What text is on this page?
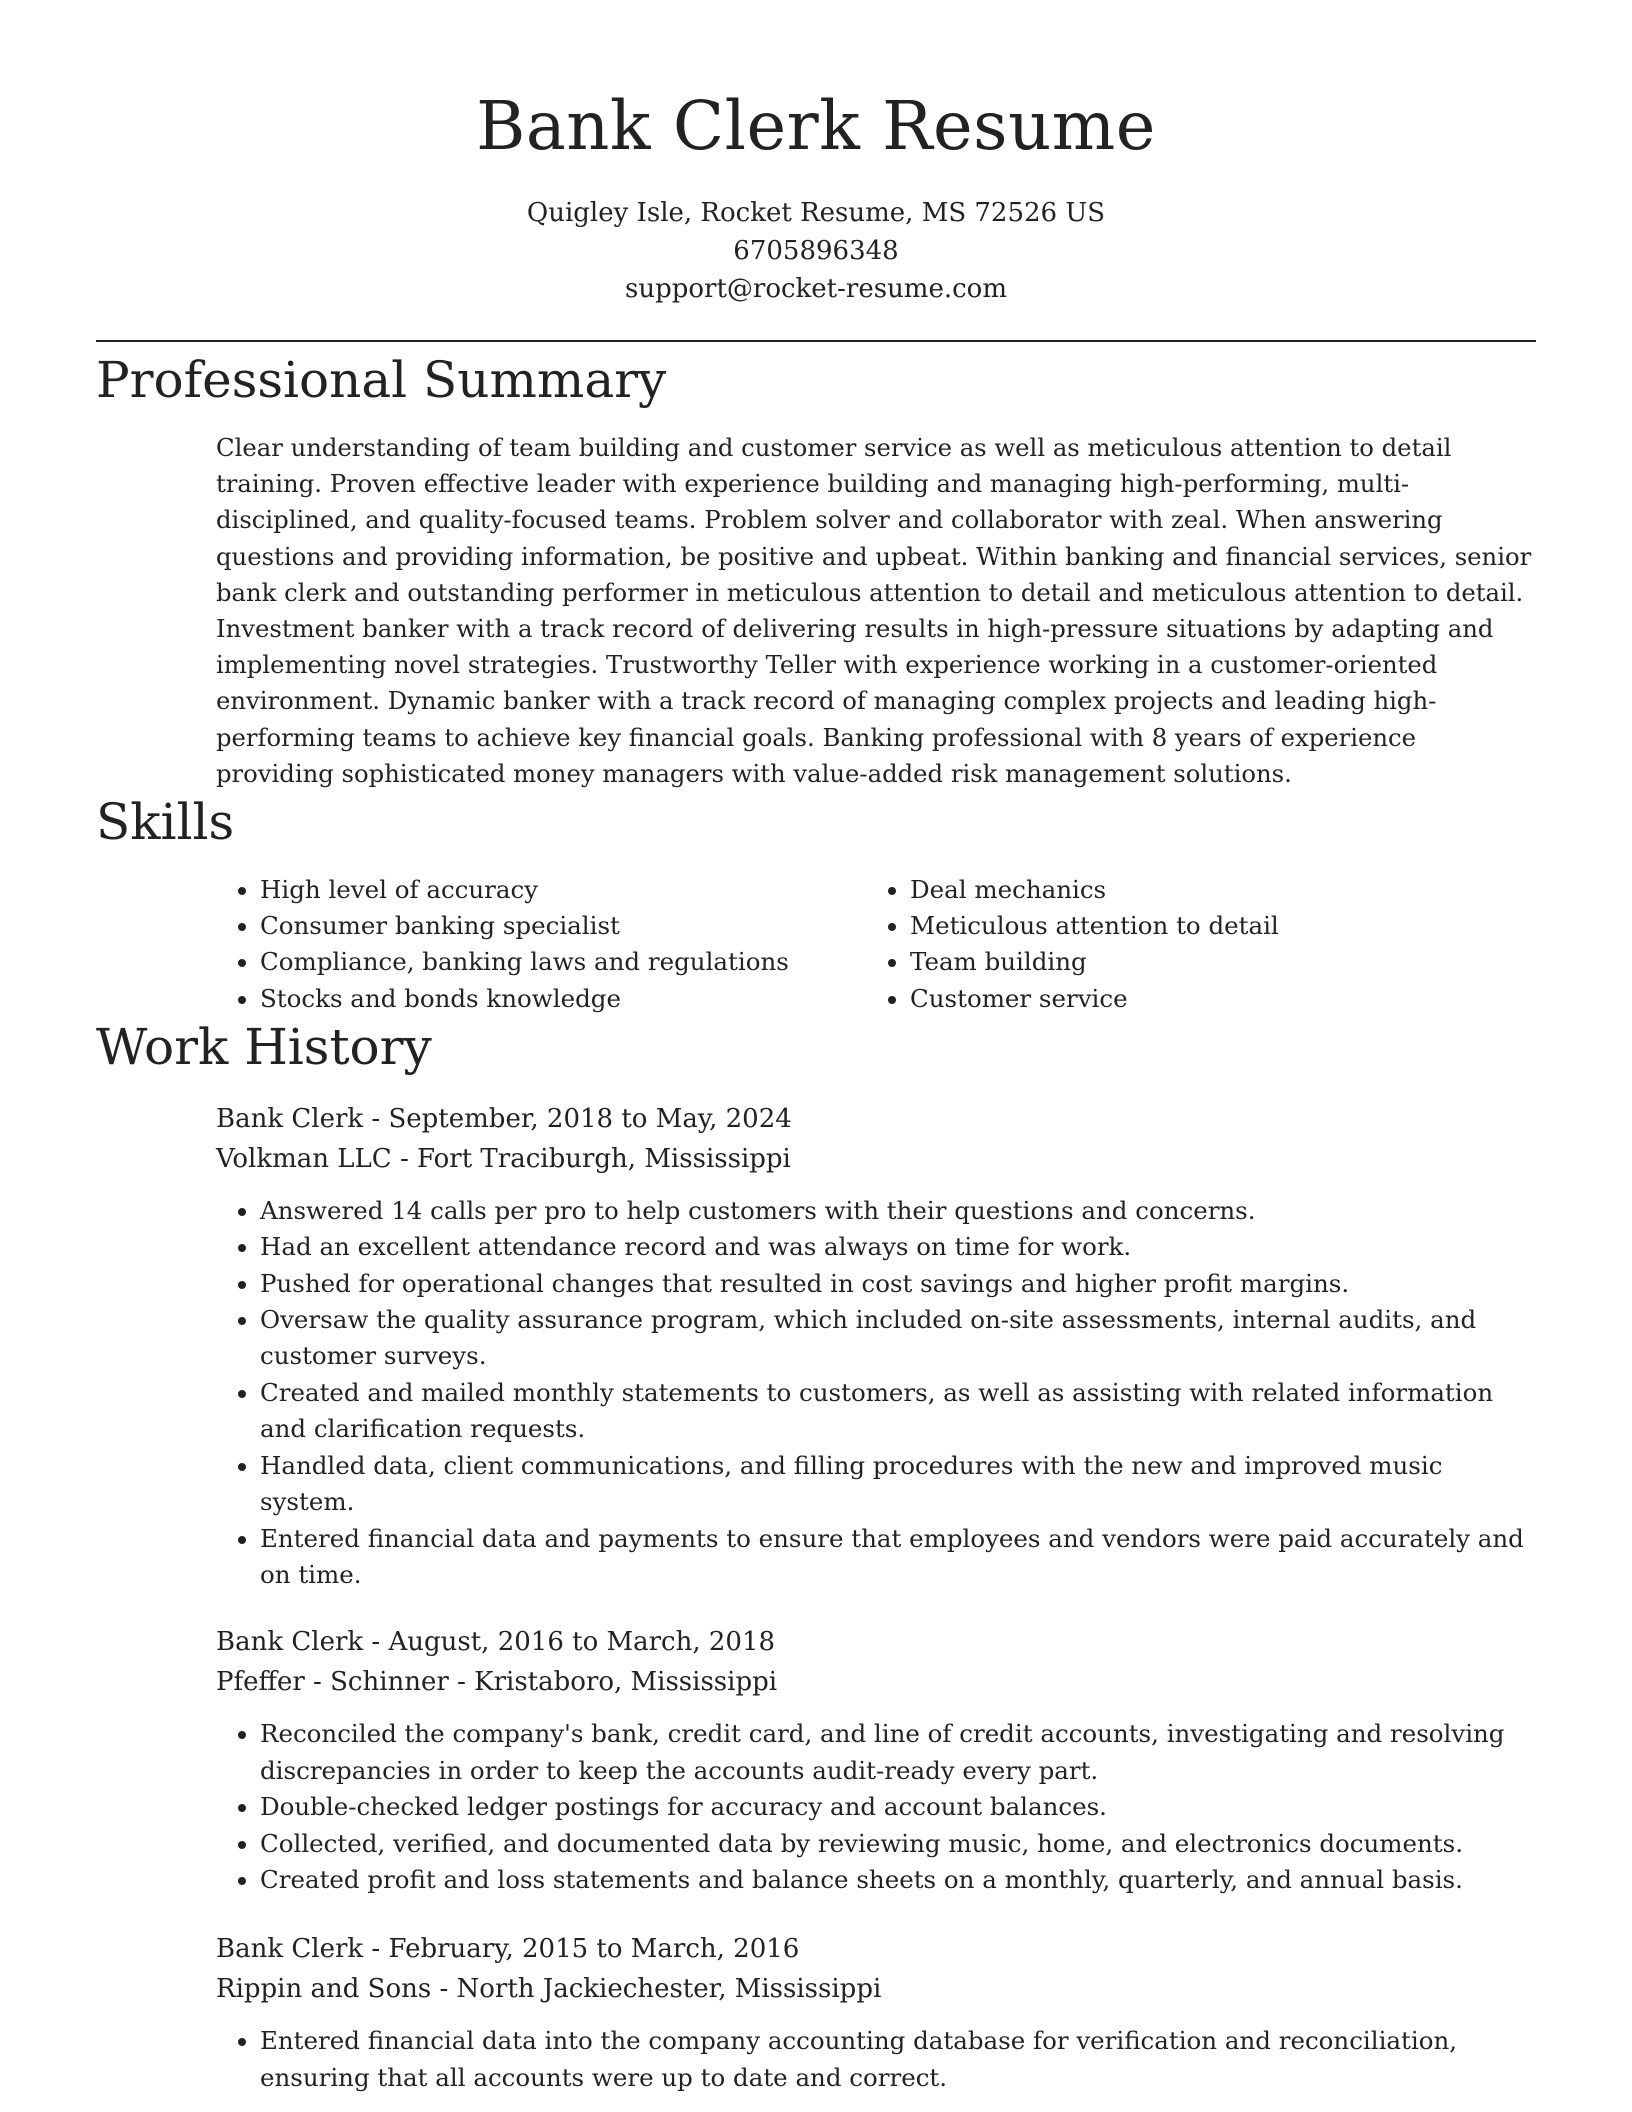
Bank Clerk Resume
Quigley Isle, Rocket Resume, MS 72526 US
6705896348
support@rocket-resume.com
Professional Summary
Clear understanding of team building and customer service as well as meticulous attention to detail training. Proven effective leader with experience building and managing high-performing, multi-disciplined, and quality-focused teams. Problem solver and collaborator with zeal. When answering questions and providing information, be positive and upbeat. Within banking and financial services, senior bank clerk and outstanding performer in meticulous attention to detail and meticulous attention to detail. Investment banker with a track record of delivering results in high-pressure situations by adapting and implementing novel strategies. Trustworthy Teller with experience working in a customer-oriented environment. Dynamic banker with a track record of managing complex projects and leading high-performing teams to achieve key financial goals. Banking professional with 8 years of experience providing sophisticated money managers with value-added risk management solutions.
Skills
• High level of accuracy
• Consumer banking specialist
• Compliance, banking laws and regulations
• Stocks and bonds knowledge
• Deal mechanics
• Meticulous attention to detail
• Team building
• Customer service
Work History
Bank Clerk - September, 2018 to May, 2024
Volkman LLC - Fort Traciburgh, Mississippi
• Answered 14 calls per pro to help customers with their questions and concerns.
• Had an excellent attendance record and was always on time for work.
• Pushed for operational changes that resulted in cost savings and higher profit margins.
• Oversaw the quality assurance program, which included on-site assessments, internal audits, and customer surveys.
• Created and mailed monthly statements to customers, as well as assisting with related information and clarification requests.
• Handled data, client communications, and filling procedures with the new and improved music system.
• Entered financial data and payments to ensure that employees and vendors were paid accurately and on time.
Bank Clerk - August, 2016 to March, 2018
Pfeffer - Schinner - Kristaboro, Mississippi
• Reconciled the company's bank, credit card, and line of credit accounts, investigating and resolving discrepancies in order to keep the accounts audit-ready every part.
• Double-checked ledger postings for accuracy and account balances.
• Collected, verified, and documented data by reviewing music, home, and electronics documents.
• Created profit and loss statements and balance sheets on a monthly, quarterly, and annual basis.
Bank Clerk - February, 2015 to March, 2016
Rippin and Sons - North Jackiechester, Mississippi
• Entered financial data into the company accounting database for verification and reconciliation, ensuring that all accounts were up to date and correct.
